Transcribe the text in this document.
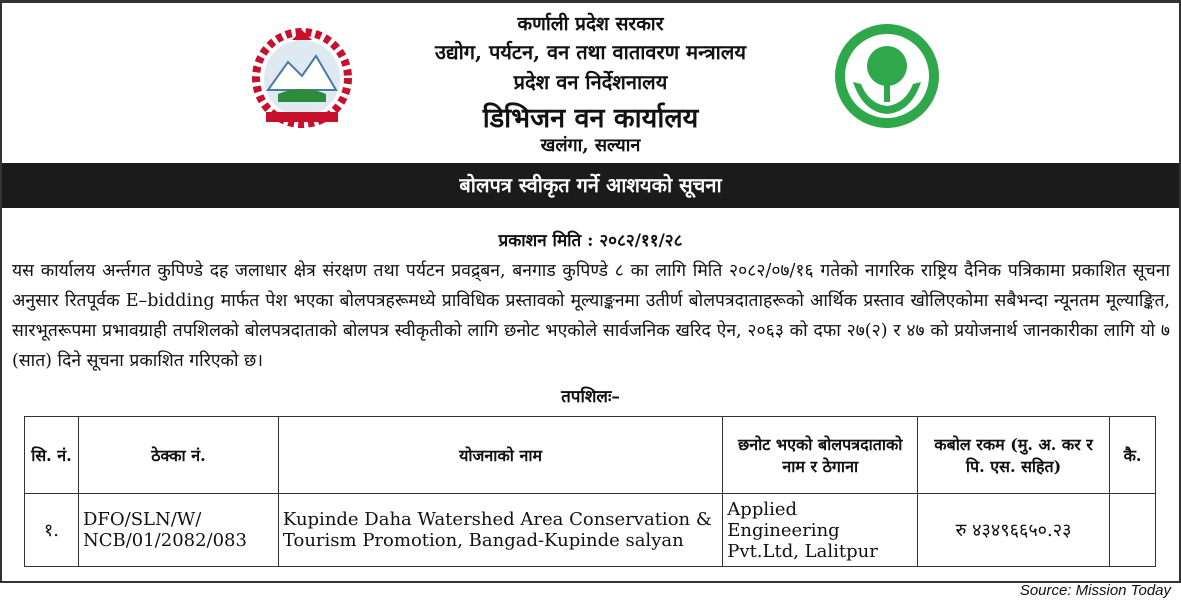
कर्णाली प्रदेश सरकार
उद्योग, पर्यटन, वन तथा वातावरण मन्त्रालय
प्रदेश वन निर्देशनालय
डिभिजन वन कार्यालय
खलंगा, सल्यान
बोलपत्र स्वीकृत गर्ने आशयको सूचना
प्रकाशन मिति : २०८२/११/२८
यस कार्यालय अर्न्तगत कुपिण्डे दह जलाधार क्षेत्र संरक्षण तथा पर्यटन प्रवद्र्बन, बनगाड कुपिण्डे ८ का लागि मिति २०८२/०७/१६ गतेको नागरिक राष्ट्रिय दैनिक पत्रिकामा प्रकाशित सूचना अनुसार रितपूर्वक E–bidding मार्फत पेश भएका बोलपत्रहरूमध्ये प्राविधिक प्रस्तावको मूल्याङ्कनमा उतीर्ण बोलपत्रदाताहरूको आर्थिक प्रस्ताव खोलिएकोमा सबैभन्दा न्यूनतम मूल्याङ्कित, सारभूतरूपमा प्रभावग्राही तपशिलको बोलपत्रदाताको बोलपत्र स्वीकृतीको लागि छनोट भएकोले सार्वजनिक खरिद ऐन, २०६३ को दफा २७(२) र ४७ को प्रयोजनार्थ जानकारीका लागि यो ७ (सात) दिने सूचना प्रकाशित गरिएको छ।
तपशिलः–
सि. नं.	ठेक्का नं.	योजनाको नाम	छनोट भएको बोलपत्रदाताको नाम र ठेगाना	कबोल रकम (मु. अ. कर र पि. एस. सहित)	कै.
१.	DFO/SLN/W/ NCB/01/2082/083	Kupinde Daha Watershed Area Conservation & Tourism Promotion, Bangad-Kupinde salyan	Applied Engineering Pvt.Ltd, Lalitpur	रु ४३४९६६५०.२३	
Source: Mission Today
